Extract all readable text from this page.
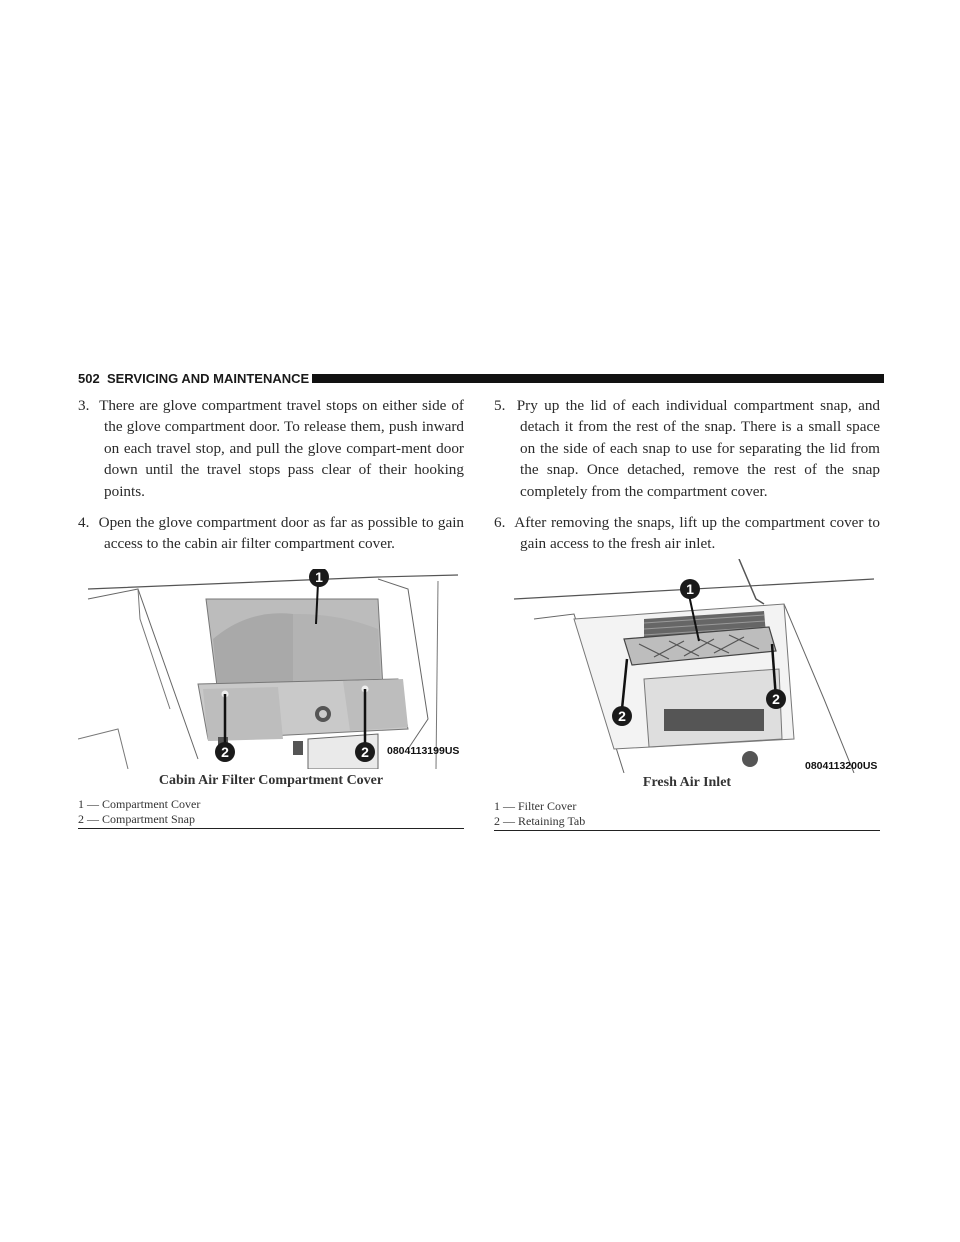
502 SERVICING AND MAINTENANCE
3. There are glove compartment travel stops on either side of the glove compartment door. To release them, push inward on each travel stop, and pull the glove compart-ment door down until the travel stops pass clear of their hooking points.
4. Open the glove compartment door as far as possible to gain access to the cabin air filter compartment cover.
1
2	2 0804113199US
Cabin Air Filter Compartment Cover
1 — Compartment Cover
2 — Compartment Snap
5. Pry up the lid of each individual compartment snap, and detach it from the rest of the snap. There is a small space on the side of each snap to use for separating the lid from the snap. Once detached, remove the rest of the snap completely from the compartment cover.
6. After removing the snaps, lift up the compartment cover to gain access to the fresh air inlet.
1
2
2
0804113200US
Fresh Air Inlet
1 — Filter Cover
2 — Retaining Tab
